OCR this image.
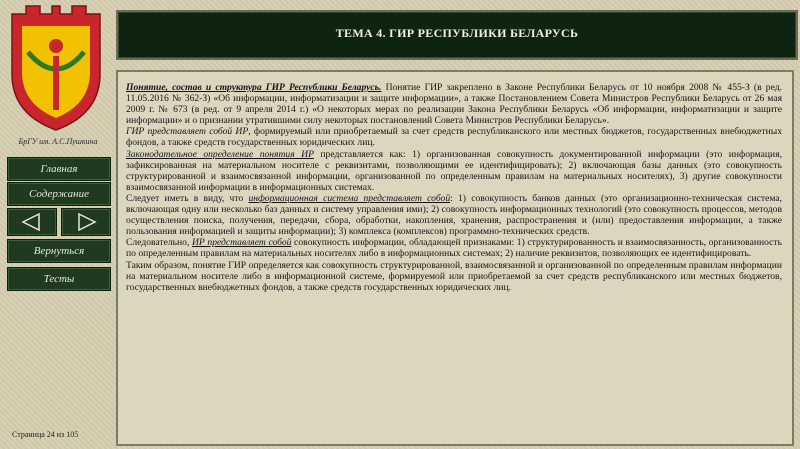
БрГУ им. А.С.Пушкина
Главная
Содержание
Вернуться
Тесты
Страница 24 из 105
ТЕМА 4. ГИР РЕСПУБЛИКИ БЕЛАРУСЬ

Понятие, состав и структура ГИР Республики Беларусь. Понятие ГИР закреплено в Законе Республики Беларусь от 10 ноября 2008 № 455-З (в ред. 11.05.2016 № 362-З) «Об информации, информатизации и защите информации», а также Постановлением Совета Министров Республики Беларусь от 26 мая 2009 г. № 673 (в ред. от 9 апреля 2014 г.) «О некоторых мерах по реализации Закона Республики Беларусь «Об информации, информатизации и защите информации» и о признании утратившими силу некоторых постановлений Совета Министров Республики Беларусь».

ГИР представляет собой ИР, формируемый или приобретаемый за счет средств республиканского или местных бюджетов, государственных внебюджетных фондов, а также средств государственных юридических лиц.

Законодательное определение понятия ИР представляется как: 1) организованная совокупность документированной информации (это информация, зафиксированная на материальном носителе с реквизитами, позволяющими ее идентифицировать); 2) включающая базы данных (это совокупность структурированной и взаимосвязанной информации, организованной по определенным правилам на материальных носителях), 3) другие совокупности взаимосвязанной информации в информационных системах.

Следует иметь в виду, что информационная система представляет собой: 1) совокупность банков данных (это организационно-техническая система, включающая одну или несколько баз данных и систему управления ими); 2) совокупность информационных технологий (это совокупность процессов, методов осуществления поиска, получения, передачи, сбора, обработки, накопления, хранения, распространения и (или) предоставления информации, а также пользования информацией и защиты информации); 3) комплекса (комплексов) программно-технических средств.

Следовательно, ИР представляет собой совокупность информации, обладающей признаками: 1) структурированность и взаимосвязанность, организованность по определенным правилам на материальных носителях либо в информационных системах; 2) наличие реквизитов, позволяющих ее идентифицировать.

Таким образом, понятие ГИР определяется как совокупность структурированной, взаимосвязанной и организованной по определенным правилам информации на материальном носителе либо в информационной системе, формируемой или приобретаемой за счет средств республиканского или местных бюджетов, государственных внебюджетных фондов, а также средств государственных юридических лиц.
